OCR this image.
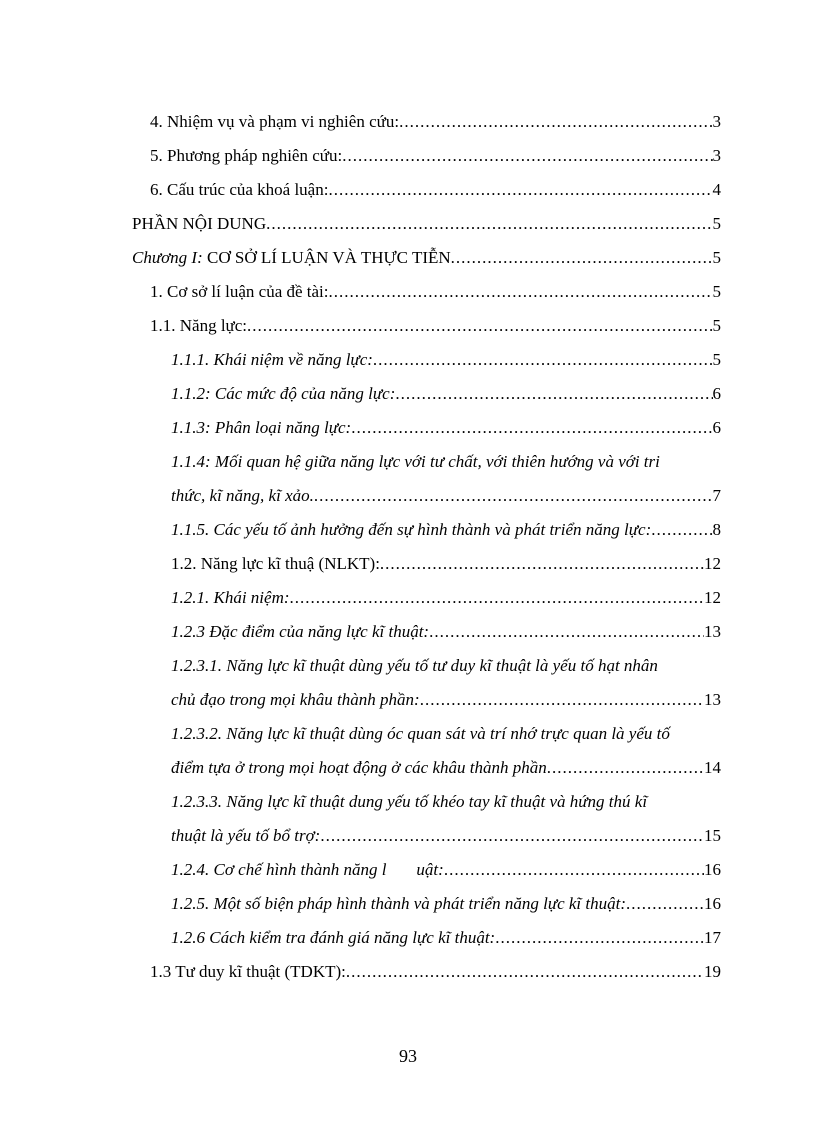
4. Nhiệm vụ và phạm vi nghiên cứu: .....	3
5. Phương pháp nghiên cứu: .....	3
6. Cấu trúc của khoá luận: .....	4
PHẦN NỘI DUNG .....	5
Chương I: CƠ SỞ LÍ LUẬN VÀ THỰC TIỄN .....	5
1. Cơ sở lí luận của đề tài: .....	5
1.1. Năng lực: .....	5
1.1.1. Khái niệm về năng lực: .....	5
1.1.2: Các mức độ của năng lực: .....	6
1.1.3: Phân loại năng lực: .....	6
1.1.4: Mối quan hệ giữa năng lực với tư chất, với thiên hướng và với tri
thức, kĩ năng, kĩ xảo. .....	7
1.1.5. Các yếu tố ảnh hưởng đến sự hình thành và phát triển năng lực: .....	8
1.2. Năng lực kĩ thuậ (NLKT): .....	12
1.2.1. Khái niệm: .....	12
1.2.3 Đặc điểm của năng lực kĩ thuật: .....	13
1.2.3.1. Năng lực kĩ thuật dùng yếu tố tư duy kĩ thuật là yếu tố hạt nhân
chủ đạo trong mọi khâu thành phần: .....	13
1.2.3.2. Năng lực kĩ thuật dùng óc quan sát và trí nhớ trực quan là yếu tố
điểm tựa ở trong mọi hoạt động ở các khâu thành phần .....	14
1.2.3.3. Năng lực kĩ thuật dung yếu tố khéo tay kĩ thuật và hứng thú kĩ
thuật là yếu tố bổ trợ: .....	15
1.2.4. Cơ chế hình thành năng l uật: .....	16
1.2.5. Một số biện pháp hình thành và phát triển năng lực kĩ thuật: .....	16
1.2.6 Cách kiểm tra đánh giá năng lực kĩ thuật: .....	17
1.3 Tư duy kĩ thuật (TDKT): .....	19
93
